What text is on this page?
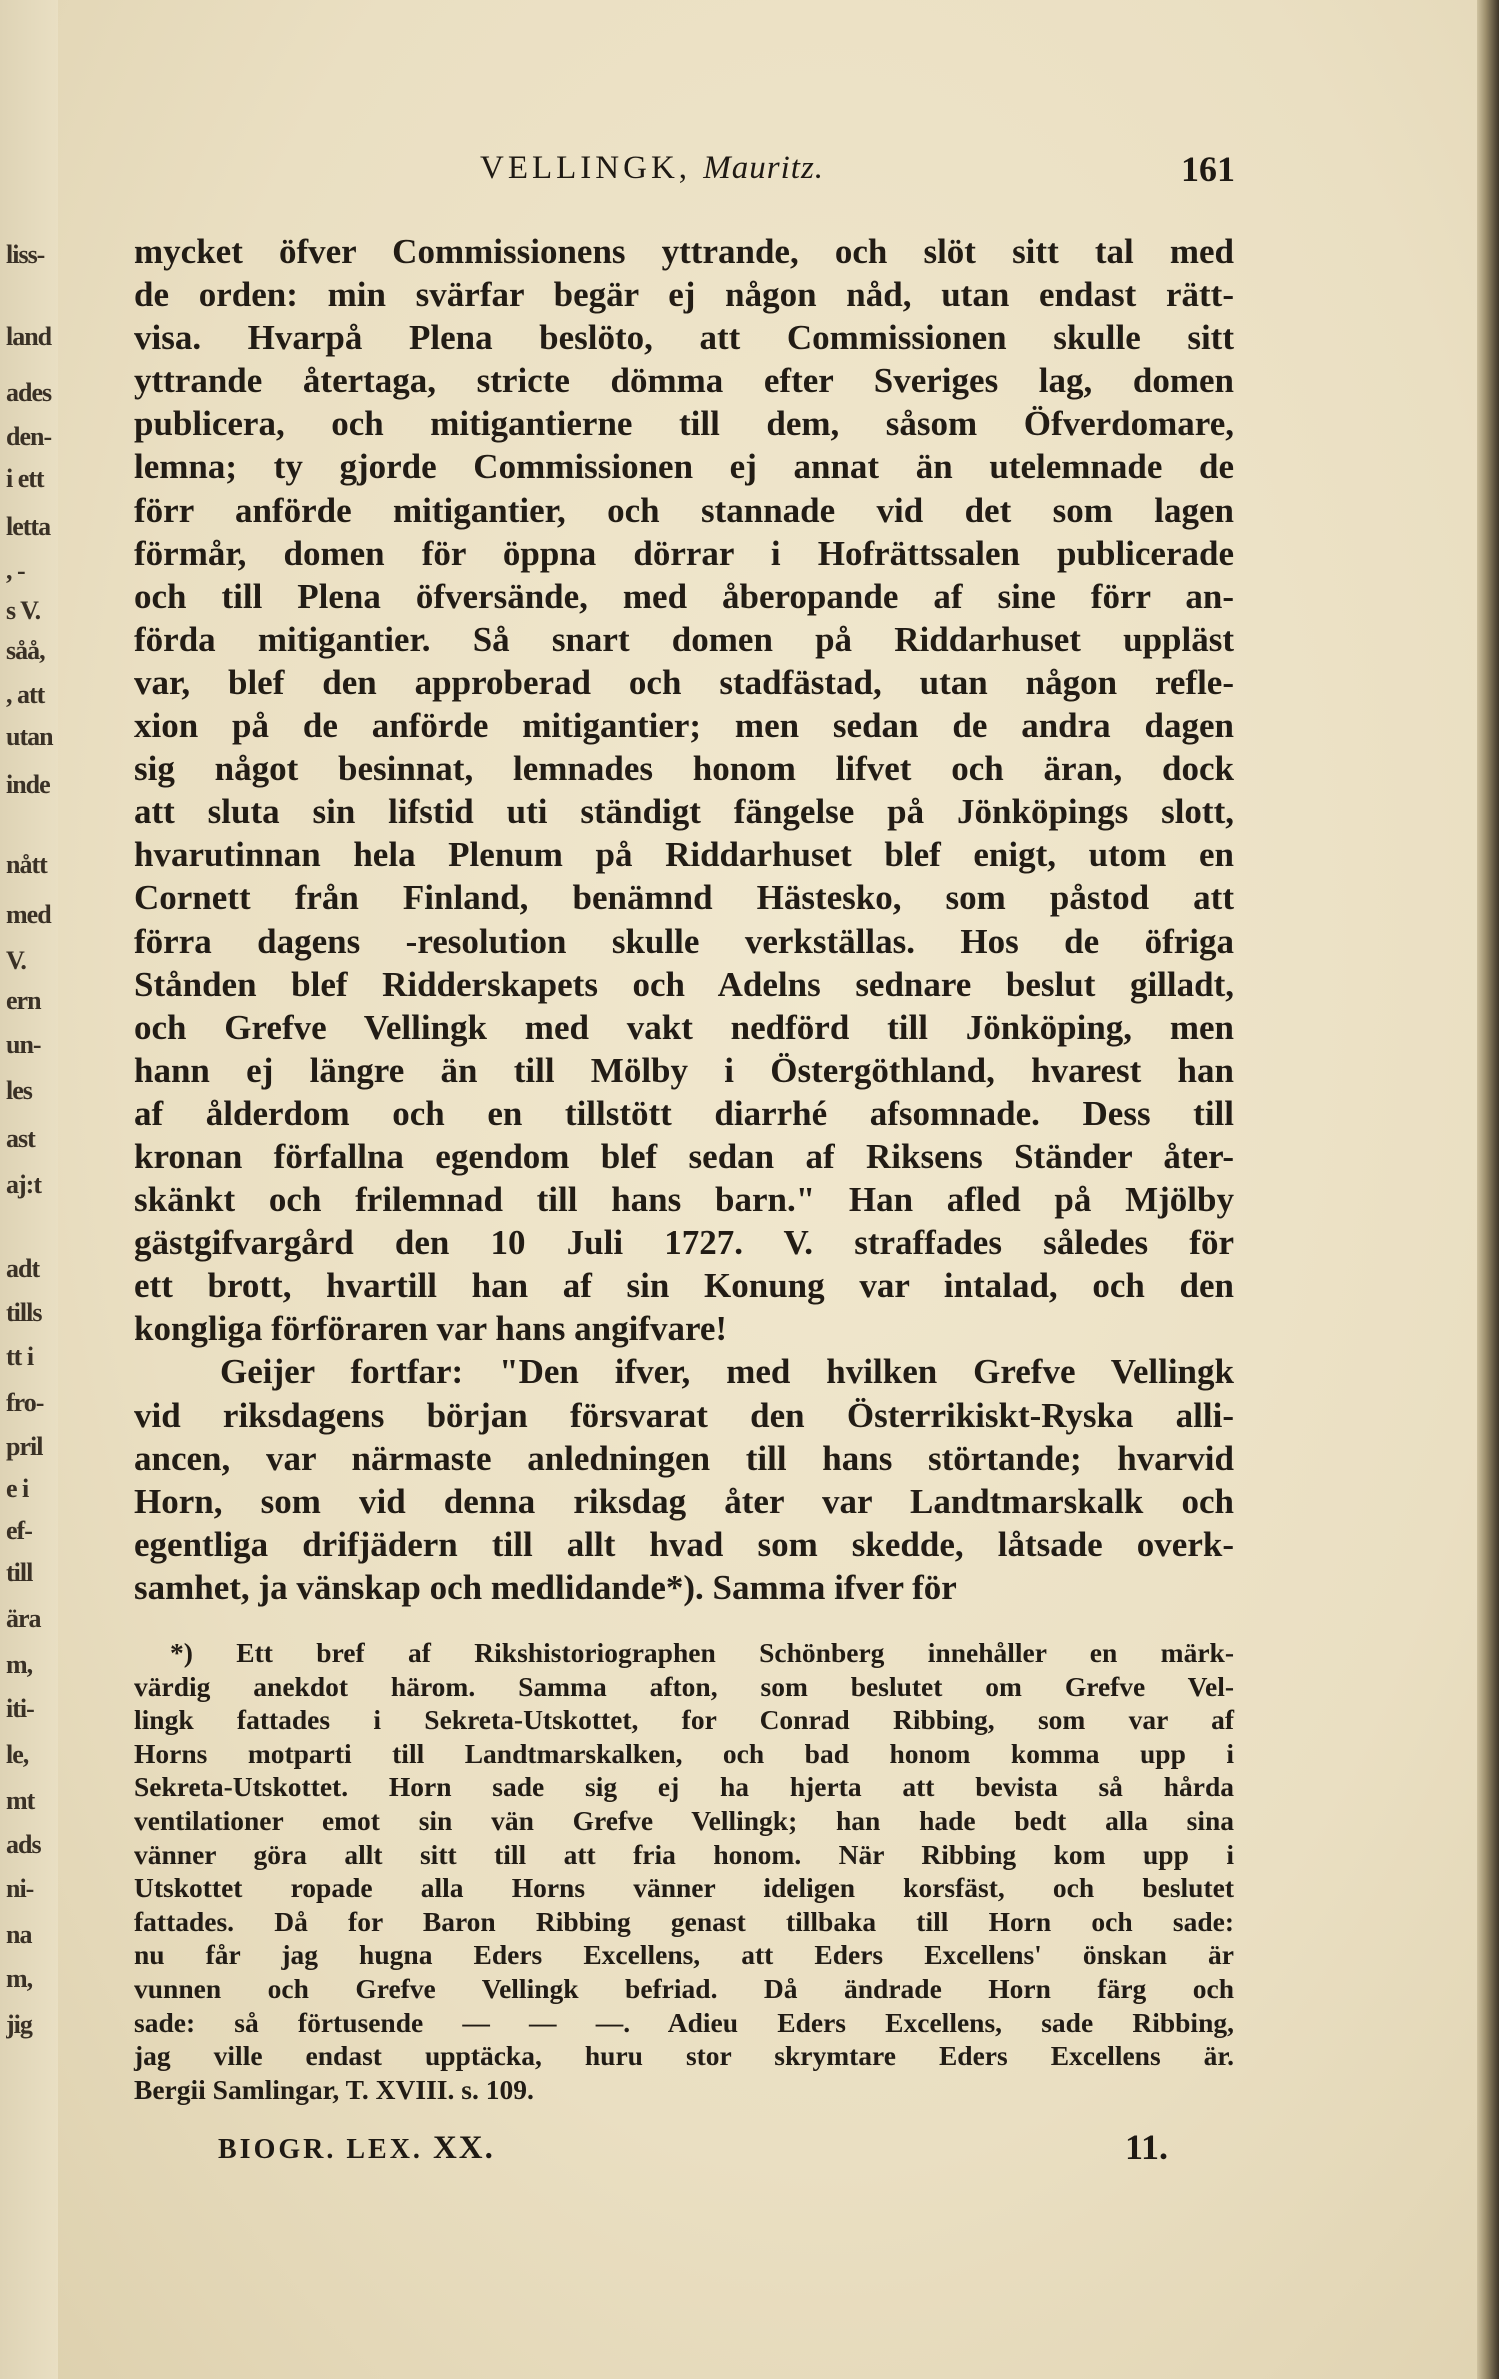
liss-
land
ades
den-
i ett
letta
, -
s V.
såå,
, att
utan
inde
nått
med
V.
ern
un-
les
ast
aj:t
adt
tills
tt i
fro-
pril
e i
ef-
till
ära
m,
iti-
le,
mt
ads
ni-
na
m,
jig
VELLINGK, Mauritz.	161
mycket öfver Commissionens yttrande, och slöt sitt tal med
de orden: min svärfar begär ej någon nåd, utan endast rätt-
visa. Hvarpå Plena beslöto, att Commissionen skulle sitt
yttrande återtaga, stricte dömma efter Sveriges lag, domen
publicera, och mitigantierne till dem, såsom Öfverdomare,
lemna; ty gjorde Commissionen ej annat än utelemnade de
förr anförde mitigantier, och stannade vid det som lagen
förmår, domen för öppna dörrar i Hofrättssalen publicerade
och till Plena öfversände, med åberopande af sine förr an-
förda mitigantier. Så snart domen på Riddarhuset uppläst
var, blef den approberad och stadfästad, utan någon refle-
xion på de anförde mitigantier; men sedan de andra dagen
sig något besinnat, lemnades honom lifvet och äran, dock
att sluta sin lifstid uti ständigt fängelse på Jönköpings slott,
hvarutinnan hela Plenum på Riddarhuset blef enigt, utom en
Cornett från Finland, benämnd Hästesko, som påstod att
förra dagens -resolution skulle verkställas. Hos de öfriga
Stånden blef Ridderskapets och Adelns sednare beslut gilladt,
och Grefve Vellingk med vakt nedförd till Jönköping, men
hann ej längre än till Mölby i Östergöthland, hvarest han
af ålderdom och en tillstött diarrhé afsomnade. Dess till
kronan förfallna egendom blef sedan af Riksens Ständer åter-
skänkt och frilemnad till hans barn." Han afled på Mjölby
gästgifvargård den 10 Juli 1727. V. straffades således för
ett brott, hvartill han af sin Konung var intalad, och den
kongliga förföraren var hans angifvare!
Geijer fortfar: "Den ifver, med hvilken Grefve Vellingk
vid riksdagens början försvarat den Österrikiskt-Ryska alli-
ancen, var närmaste anledningen till hans störtande; hvarvid
Horn, som vid denna riksdag åter var Landtmarskalk och
egentliga drifjädern till allt hvad som skedde, låtsade overk-
samhet, ja vänskap och medlidande*). Samma ifver för
*) Ett bref af Rikshistoriographen Schönberg innehåller en märk-
värdig anekdot härom. Samma afton, som beslutet om Grefve Vel-
lingk fattades i Sekreta-Utskottet, for Conrad Ribbing, som var af
Horns motparti till Landtmarskalken, och bad honom komma upp i
Sekreta-Utskottet. Horn sade sig ej ha hjerta att bevista så hårda
ventilationer emot sin vän Grefve Vellingk; han hade bedt alla sina
vänner göra allt sitt till att fria honom. När Ribbing kom upp i
Utskottet ropade alla Horns vänner ideligen korsfäst, och beslutet
fattades. Då for Baron Ribbing genast tillbaka till Horn och sade:
nu får jag hugna Eders Excellens, att Eders Excellens' önskan är
vunnen och Grefve Vellingk befriad. Då ändrade Horn färg och
sade: så förtusende — — —. Adieu Eders Excellens, sade Ribbing,
jag ville endast upptäcka, huru stor skrymtare Eders Excellens är.
Bergii Samlingar, T. XVIII. s. 109.
BIOGR. LEX. XX.	11.
